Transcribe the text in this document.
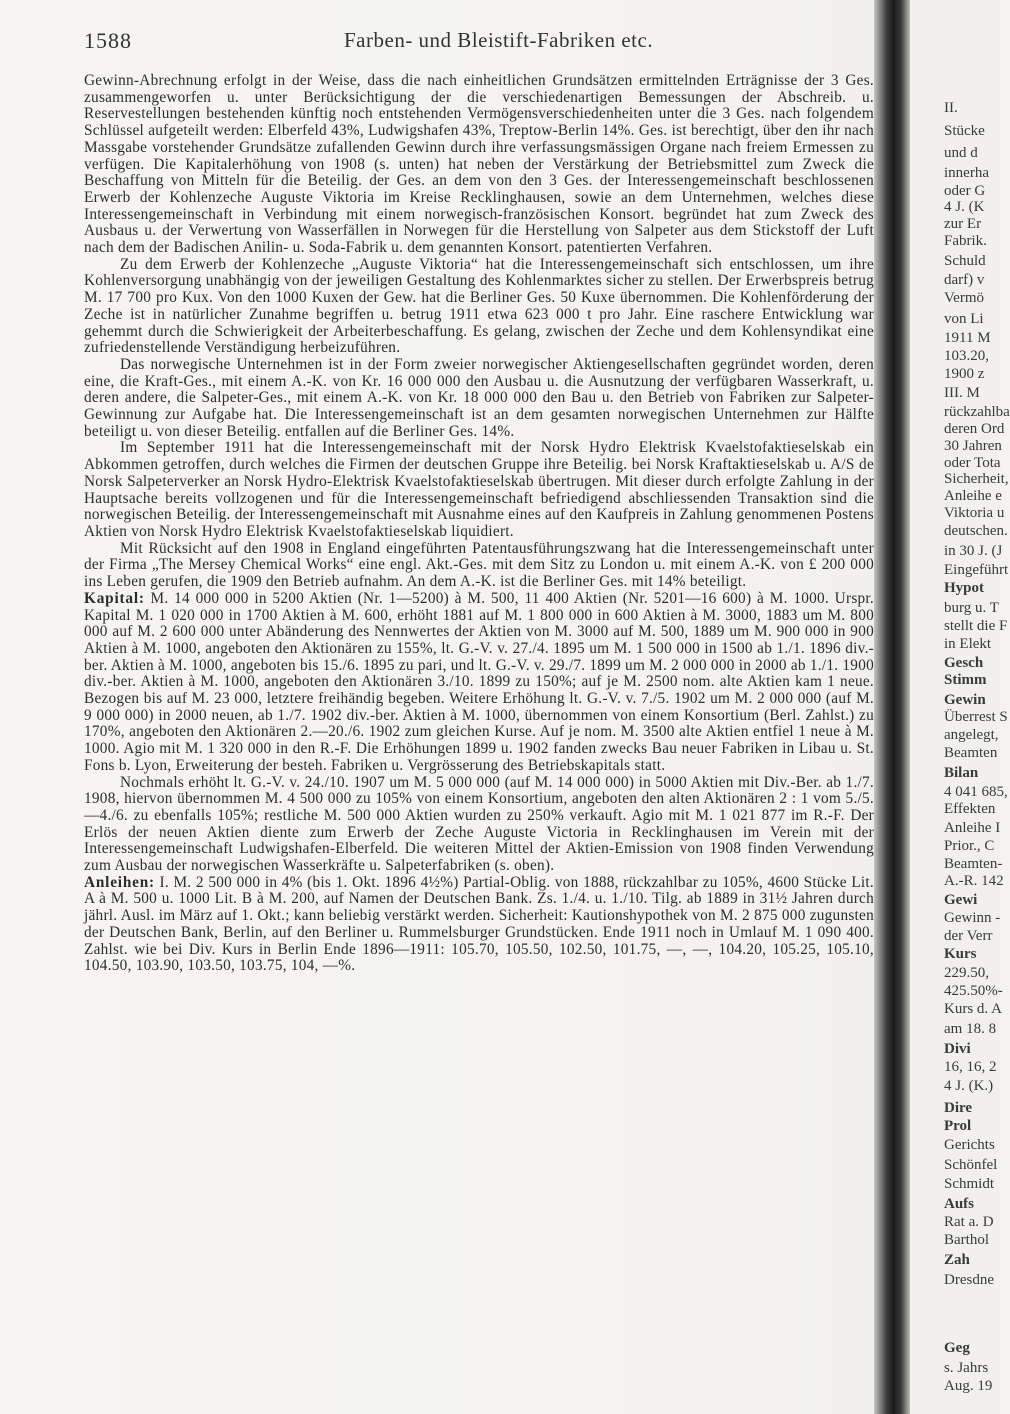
1588	Farben- und Bleistift-Fabriken etc.

Gewinn-Abrechnung erfolgt in der Weise, dass die nach einheitlichen Grundsätzen ermittelnden Erträgnisse der 3 Ges. zusammengeworfen u. unter Berücksichtigung der die verschiedenartigen Bemessungen der Abschreib. u. Reservestellungen bestehenden künftig noch entstehenden Vermögensverschiedenheiten unter die 3 Ges. nach folgendem Schlüssel aufgeteilt werden: Elberfeld 43%, Ludwigshafen 43%, Treptow-Berlin 14%. Ges. ist berechtigt, über den ihr nach Massgabe vorstehender Grundsätze zufallenden Gewinn durch ihre verfassungsmässigen Organe nach freiem Ermessen zu verfügen. Die Kapitalerhöhung von 1908 (s. unten) hat neben der Verstärkung der Betriebsmittel zum Zweck die Beschaffung von Mitteln für die Beteilig. der Ges. an dem von den 3 Ges. der Interessengemeinschaft beschlossenen Erwerb der Kohlenzeche Auguste Viktoria im Kreise Recklinghausen, sowie an dem Unternehmen, welches diese Interessengemeinschaft in Verbindung mit einem norwegisch-französischen Konsort. begründet hat zum Zweck des Ausbaus u. der Verwertung von Wasserfällen in Norwegen für die Herstellung von Salpeter aus dem Stickstoff der Luft nach dem der Badischen Anilin- u. Soda-Fabrik u. dem genannten Konsort. patentierten Verfahren.

Zu dem Erwerb der Kohlenzeche „Auguste Viktoria“ hat die Interessengemeinschaft sich entschlossen, um ihre Kohlenversorgung unabhängig von der jeweiligen Gestaltung des Kohlenmarktes sicher zu stellen. Der Erwerbspreis betrug M. 17 700 pro Kux. Von den 1000 Kuxen der Gew. hat die Berliner Ges. 50 Kuxe übernommen. Die Kohlenförderung der Zeche ist in natürlicher Zunahme begriffen u. betrug 1911 etwa 623 000 t pro Jahr. Eine raschere Entwicklung war gehemmt durch die Schwierigkeit der Arbeiterbeschaffung. Es gelang, zwischen der Zeche und dem Kohlensyndikat eine zufriedenstellende Verständigung herbeizuführen.

Das norwegische Unternehmen ist in der Form zweier norwegischer Aktiengesellschaften gegründet worden, deren eine, die Kraft-Ges., mit einem A.-K. von Kr. 16 000 000 den Ausbau u. die Ausnutzung der verfügbaren Wasserkraft, u. deren andere, die Salpeter-Ges., mit einem A.-K. von Kr. 18 000 000 den Bau u. den Betrieb von Fabriken zur Salpeter-Gewinnung zur Aufgabe hat. Die Interessengemeinschaft ist an dem gesamten norwegischen Unternehmen zur Hälfte beteiligt u. von dieser Beteilig. entfallen auf die Berliner Ges. 14%.

Im September 1911 hat die Interessengemeinschaft mit der Norsk Hydro Elektrisk Kvaelstofaktieselskab ein Abkommen getroffen, durch welches die Firmen der deutschen Gruppe ihre Beteilig. bei Norsk Kraftaktieselskab u. A/S de Norsk Salpeterverker an Norsk Hydro-Elektrisk Kvaelstofaktieselskab übertrugen. Mit dieser durch erfolgte Zahlung in der Hauptsache bereits vollzogenen und für die Interessengemeinschaft befriedigend abschliessenden Transaktion sind die norwegischen Beteilig. der Interessengemeinschaft mit Ausnahme eines auf den Kaufpreis in Zahlung genommenen Postens Aktien von Norsk Hydro Elektrisk Kvaelstofaktieselskab liquidiert.

Mit Rücksicht auf den 1908 in England eingeführten Patentausführungszwang hat die Interessengemeinschaft unter der Firma „The Mersey Chemical Works“ eine engl. Akt.-Ges. mit dem Sitz zu London u. mit einem A.-K. von £ 200 000 ins Leben gerufen, die 1909 den Betrieb aufnahm. An dem A.-K. ist die Berliner Ges. mit 14% beteiligt.

Kapital: M. 14 000 000 in 5200 Aktien (Nr. 1—5200) à M. 500, 11 400 Aktien (Nr. 5201—16 600) à M. 1000. Urspr. Kapital M. 1 020 000 in 1700 Aktien à M. 600, erhöht 1881 auf M. 1 800 000 in 600 Aktien à M. 3000, 1883 um M. 800 000 auf M. 2 600 000 unter Abänderung des Nennwertes der Aktien von M. 3000 auf M. 500, 1889 um M. 900 000 in 900 Aktien à M. 1000, angeboten den Aktionären zu 155%, lt. G.-V. v. 27./4. 1895 um M. 1 500 000 in 1500 ab 1./1. 1896 div.-ber. Aktien à M. 1000, angeboten bis 15./6. 1895 zu pari, und lt. G.-V. v. 29./7. 1899 um M. 2 000 000 in 2000 ab 1./1. 1900 div.-ber. Aktien à M. 1000, angeboten den Aktionären 3./10. 1899 zu 150%; auf je M. 2500 nom. alte Aktien kam 1 neue. Bezogen bis auf M. 23 000, letztere freihändig begeben. Weitere Erhöhung lt. G.-V. v. 7./5. 1902 um M. 2 000 000 (auf M. 9 000 000) in 2000 neuen, ab 1./7. 1902 div.-ber. Aktien à M. 1000, übernommen von einem Konsortium (Berl. Zahlst.) zu 170%, angeboten den Aktionären 2.—20./6. 1902 zum gleichen Kurse. Auf je nom. M. 3500 alte Aktien entfiel 1 neue à M. 1000. Agio mit M. 1 320 000 in den R.-F. Die Erhöhungen 1899 u. 1902 fanden zwecks Bau neuer Fabriken in Libau u. St. Fons b. Lyon, Erweiterung der besteh. Fabriken u. Vergrösserung des Betriebskapitals statt.

Nochmals erhöht lt. G.-V. v. 24./10. 1907 um M. 5 000 000 (auf M. 14 000 000) in 5000 Aktien mit Div.-Ber. ab 1./7. 1908, hiervon übernommen M. 4 500 000 zu 105% von einem Konsortium, angeboten den alten Aktionären 2 : 1 vom 5./5.—4./6. zu ebenfalls 105%; restliche M. 500 000 Aktien wurden zu 250% verkauft. Agio mit M. 1 021 877 im R.-F. Der Erlös der neuen Aktien diente zum Erwerb der Zeche Auguste Victoria in Recklinghausen im Verein mit der Interessengemeinschaft Ludwigshafen-Elberfeld. Die weiteren Mittel der Aktien-Emission von 1908 finden Verwendung zum Ausbau der norwegischen Wasserkräfte u. Salpeterfabriken (s. oben).

Anleihen: I. M. 2 500 000 in 4% (bis 1. Okt. 1896 4½%) Partial-Oblig. von 1888, rückzahlbar zu 105%, 4600 Stücke Lit. A à M. 500 u. 1000 Lit. B à M. 200, auf Namen der Deutschen Bank. Zs. 1./4. u. 1./10. Tilg. ab 1889 in 31½ Jahren durch jährl. Ausl. im März auf 1. Okt.; kann beliebig verstärkt werden. Sicherheit: Kautionshypothek von M. 2 875 000 zugunsten der Deutschen Bank, Berlin, auf den Berliner u. Rummelsburger Grundstücken. Ende 1911 noch in Umlauf M. 1 090 400. Zahlst. wie bei Div. Kurs in Berlin Ende 1896—1911: 105.70, 105.50, 102.50, 101.75, —, —, 104.20, 105.25, 105.10, 104.50, 103.90, 103.50, 103.75, 104, —%.

II.
Stücke
und d
innerha
oder G
4 J. (K
zur Er
Fabrik.
Schuld
darf) v
Vermö
von Li
1911 M
103.20,
1900 z
III. M
rückzahlba
deren Ord
30 Jahren
oder Tota
Sicherheit,
Anleihe e
Viktoria u
deutschen.
in 30 J. (J
Eingeführt
Hypot
burg u. T
stellt die F
in Elekt
Gesch
Stimm
Gewin
Überrest S
angelegt,
Beamten
Bilan
4 041 685,
Effekten
Anleihe I
Prior., C
Beamten-
A.-R. 142
Gewi
Gewinn -
der Verr
Kurs
229.50,
425.50%-
Kurs d. A
am 18. 8
Divi
16, 16, 2
4 J. (K.)
Dire
Prol
Gerichts
Schönfel
Schmidt
Aufs
Rat a. D
Barthol
Zah
Dresdne
Geg
s. Jahrs
Aug. 19
